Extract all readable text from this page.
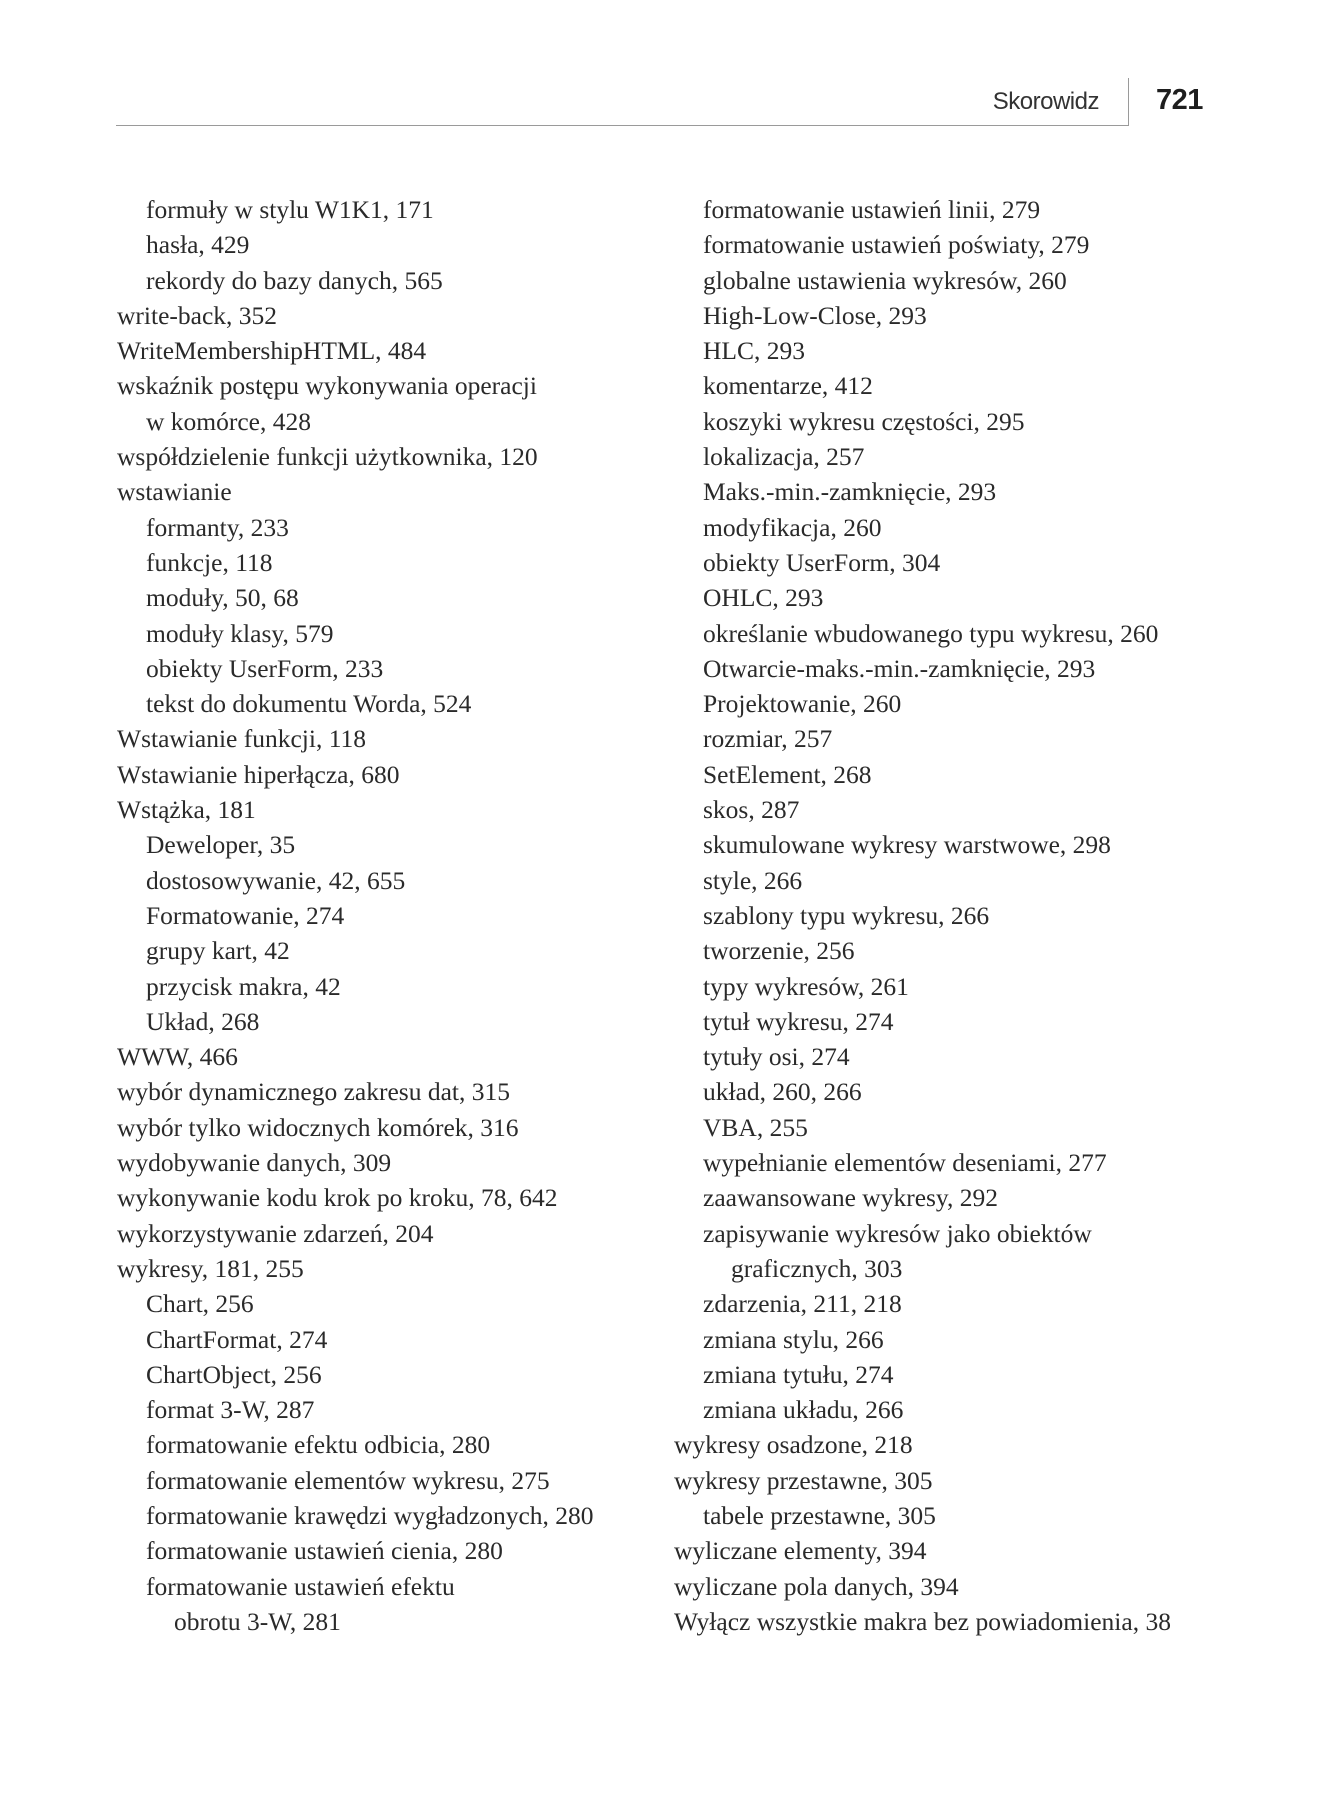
Skorowidz 721
formuły w stylu W1K1, 171
hasła, 429
rekordy do bazy danych, 565
write-back, 352
WriteMembershipHTML, 484
wskaźnik postępu wykonywania operacji
w komórce, 428
współdzielenie funkcji użytkownika, 120
wstawianie
formanty, 233
funkcje, 118
moduły, 50, 68
moduły klasy, 579
obiekty UserForm, 233
tekst do dokumentu Worda, 524
Wstawianie funkcji, 118
Wstawianie hiperłącza, 680
Wstążka, 181
Deweloper, 35
dostosowywanie, 42, 655
Formatowanie, 274
grupy kart, 42
przycisk makra, 42
Układ, 268
WWW, 466
wybór dynamicznego zakresu dat, 315
wybór tylko widocznych komórek, 316
wydobywanie danych, 309
wykonywanie kodu krok po kroku, 78, 642
wykorzystywanie zdarzeń, 204
wykresy, 181, 255
Chart, 256
ChartFormat, 274
ChartObject, 256
format 3-W, 287
formatowanie efektu odbicia, 280
formatowanie elementów wykresu, 275
formatowanie krawędzi wygładzonych, 280
formatowanie ustawień cienia, 280
formatowanie ustawień efektu
obrotu 3-W, 281
formatowanie ustawień linii, 279
formatowanie ustawień poświaty, 279
globalne ustawienia wykresów, 260
High-Low-Close, 293
HLC, 293
komentarze, 412
koszyki wykresu częstości, 295
lokalizacja, 257
Maks.-min.-zamknięcie, 293
modyfikacja, 260
obiekty UserForm, 304
OHLC, 293
określanie wbudowanego typu wykresu, 260
Otwarcie-maks.-min.-zamknięcie, 293
Projektowanie, 260
rozmiar, 257
SetElement, 268
skos, 287
skumulowane wykresy warstwowe, 298
style, 266
szablony typu wykresu, 266
tworzenie, 256
typy wykresów, 261
tytuł wykresu, 274
tytuły osi, 274
układ, 260, 266
VBA, 255
wypełnianie elementów deseniami, 277
zaawansowane wykresy, 292
zapisywanie wykresów jako obiektów
graficznych, 303
zdarzenia, 211, 218
zmiana stylu, 266
zmiana tytułu, 274
zmiana układu, 266
wykresy osadzone, 218
wykresy przestawne, 305
tabele przestawne, 305
wyliczane elementy, 394
wyliczane pola danych, 394
Wyłącz wszystkie makra bez powiadomienia, 38
